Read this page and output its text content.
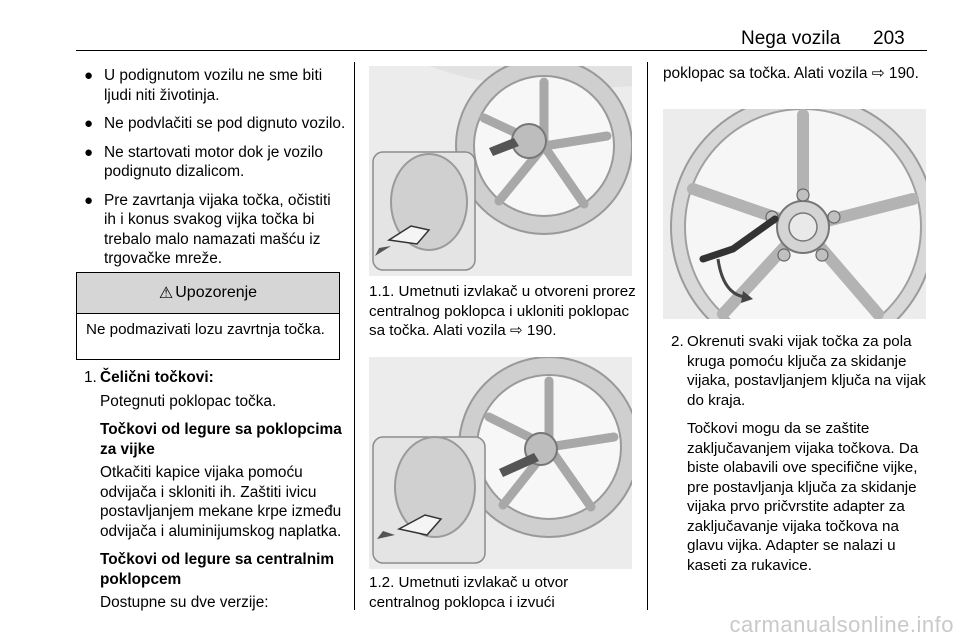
Nega vozila 203
● U podignutom vozilu ne sme biti ljudi niti životinja.
● Ne podvlačiti se pod dignuto vozilo.
● Ne startovati motor dok je vozilo podignuto dizalicom.
● Pre zavrtanja vijaka točka, očistiti ih i konus svakog vijka točka bi trebalo malo namazati mašću iz trgovačke mreže.
⚠ Upozorenje
Ne podmazivati lozu zavrtnja točka.
1. Čelični točkovi:

Potegnuti poklopac točka.

Točkovi od legure sa poklopcima za vijke

Otkačiti kapice vijaka pomoću odvijača i skloniti ih. Zaštiti ivicu postavljanjem mekane krpe između odvijača i aluminijumskog naplatka.

Točkovi od legure sa centralnim poklopcem

Dostupne su dve verzije:

1.1. Umetnuti izvlakač u otvoreni prorez centralnog poklopca i ukloniti poklopac sa točka. Alati vozila ⇨ 190.
1.2. Umetnuti izvlakač u otvor centralnog poklopca i izvući
poklopac sa točka. Alati vozila ⇨ 190.
2. Okrenuti svaki vijak točka za pola kruga pomoću ključa za skidanje vijaka, postavljanjem ključa na vijak do kraja.

Točkovi mogu da se zaštite zaključavanjem vijaka točkova. Da biste olabavili ove specifične vijke, pre postavljanja ključa za skidanje vijaka prvo pričvrstite adapter za zaključavanje vijaka točkova na glavu vijka. Adapter se nalazi u kaseti za rukavice.

carmanualsonline.info
